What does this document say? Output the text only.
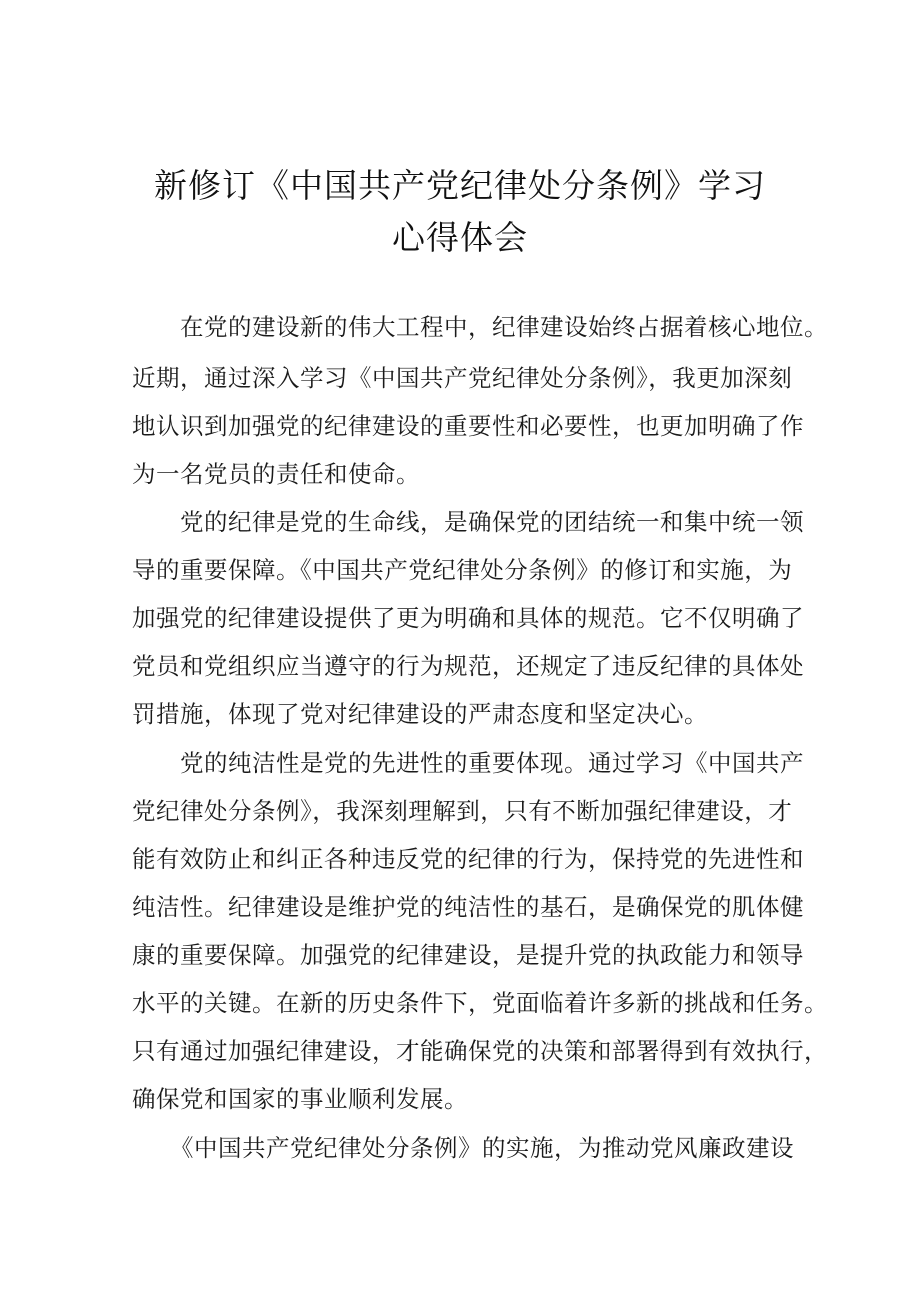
新修订《中国共产党纪律处分条例》学习
心得体会

在党的建设新的伟大工程中，纪律建设始终占据着核心地位。

近期，通过深入学习《中国共产党纪律处分条例》，我更加深刻

地认识到加强党的纪律建设的重要性和必要性，也更加明确了作

为一名党员的责任和使命。

党的纪律是党的生命线，是确保党的团结统一和集中统一领

导的重要保障。《中国共产党纪律处分条例》的修订和实施，为

加强党的纪律建设提供了更为明确和具体的规范。它不仅明确了

党员和党组织应当遵守的行为规范，还规定了违反纪律的具体处

罚措施，体现了党对纪律建设的严肃态度和坚定决心。

党的纯洁性是党的先进性的重要体现。通过学习《中国共产

党纪律处分条例》，我深刻理解到，只有不断加强纪律建设，才

能有效防止和纠正各种违反党的纪律的行为，保持党的先进性和

纯洁性。纪律建设是维护党的纯洁性的基石，是确保党的肌体健

康的重要保障。加强党的纪律建设，是提升党的执政能力和领导

水平的关键。在新的历史条件下，党面临着许多新的挑战和任务。

只有通过加强纪律建设，才能确保党的决策和部署得到有效执行，

确保党和国家的事业顺利发展。

《中国共产党纪律处分条例》的实施，为推动党风廉政建设
